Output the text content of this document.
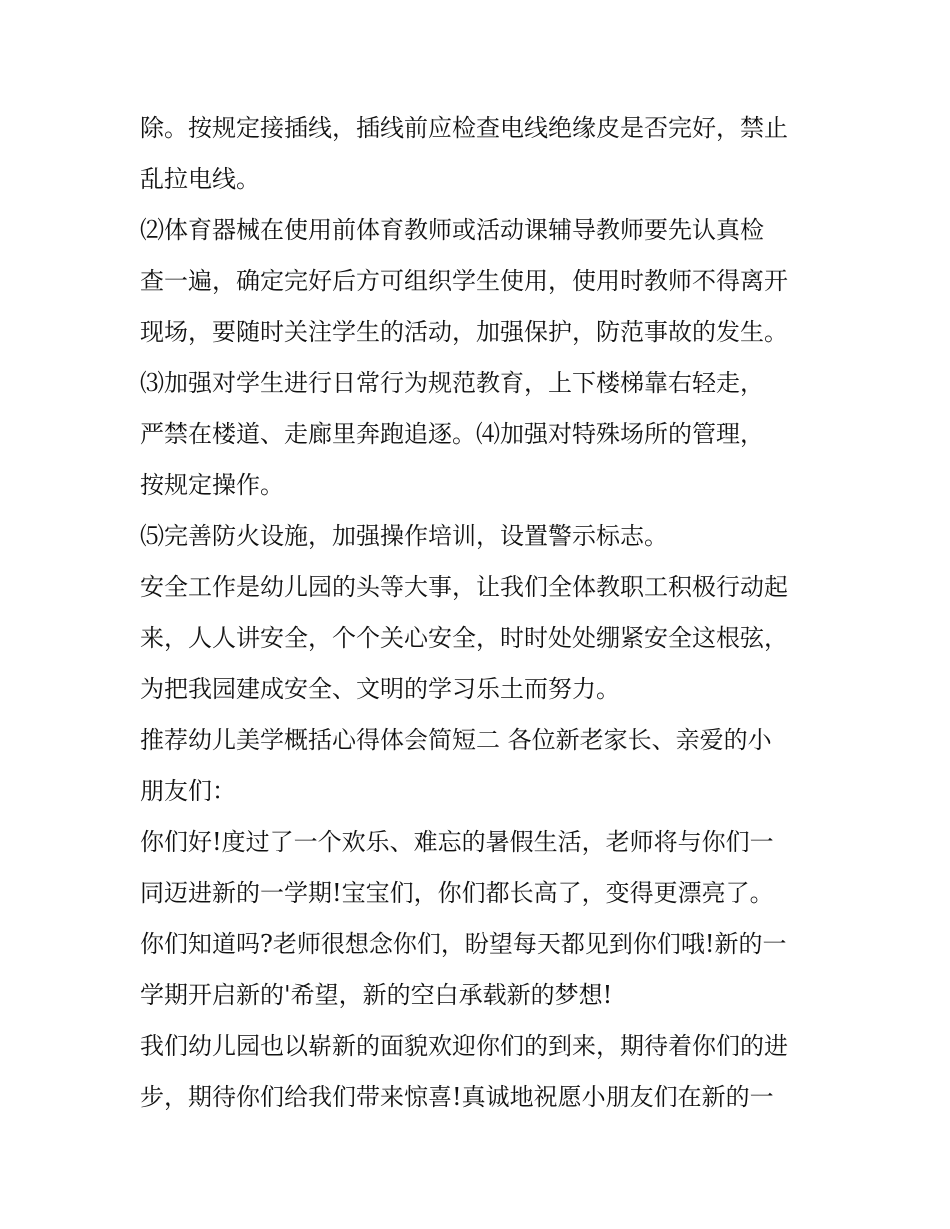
除。按规定接插线，插线前应检查电线绝缘皮是否完好，禁止
乱拉电线。
⑵体育器械在使用前体育教师或活动课辅导教师要先认真检
查一遍，确定完好后方可组织学生使用，使用时教师不得离开
现场，要随时关注学生的活动，加强保护，防范事故的发生。
⑶加强对学生进行日常行为规范教育，上下楼梯靠右轻走，
严禁在楼道、走廊里奔跑追逐。⑷加强对特殊场所的管理，
按规定操作。
⑸完善防火设施，加强操作培训，设置警示标志。
安全工作是幼儿园的头等大事，让我们全体教职工积极行动起
来，人人讲安全，个个关心安全，时时处处绷紧安全这根弦，
为把我园建成安全、文明的学习乐土而努力。
推荐幼儿美学概括心得体会简短二 各位新老家长、亲爱的小
朋友们：
你们好!度过了一个欢乐、难忘的暑假生活，老师将与你们一
同迈进新的一学期!宝宝们，你们都长高了，变得更漂亮了。
你们知道吗?老师很想念你们，盼望每天都见到你们哦!新的一
学期开启新的'希望，新的空白承载新的梦想!
我们幼儿园也以崭新的面貌欢迎你们的到来，期待着你们的进
步，期待你们给我们带来惊喜!真诚地祝愿小朋友们在新的一
